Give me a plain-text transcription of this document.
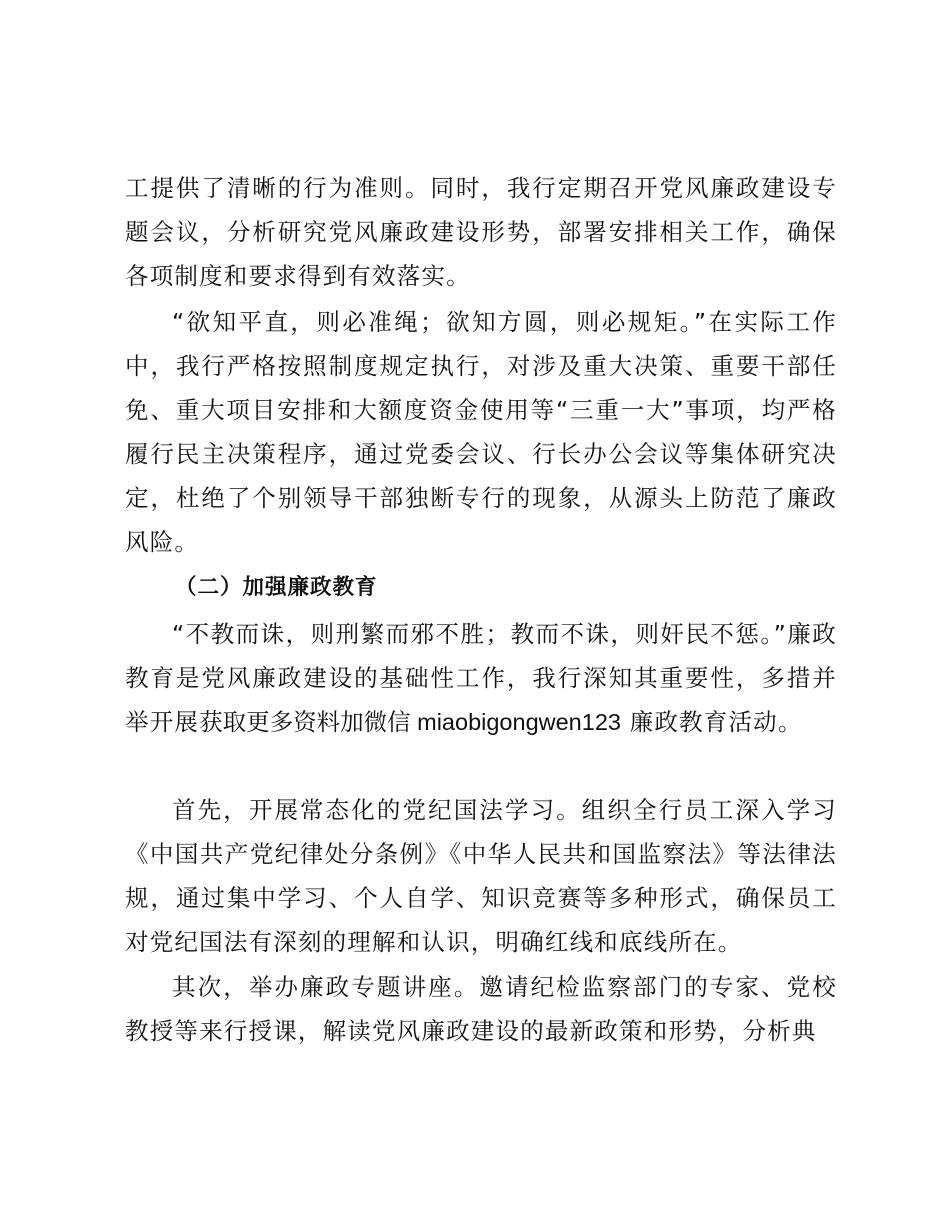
工提供了清晰的行为准则。同时，我行定期召开党风廉政建设专题会议，分析研究党风廉政建设形势，部署安排相关工作，确保各项制度和要求得到有效落实。

“欲知平直，则必准绳；欲知方圆，则必规矩。”在实际工作中，我行严格按照制度规定执行，对涉及重大决策、重要干部任免、重大项目安排和大额度资金使用等“三重一大”事项，均严格履行民主决策程序，通过党委会议、行长办公会议等集体研究决定，杜绝了个别领导干部独断专行的现象，从源头上防范了廉政风险。

（二）加强廉政教育

“不教而诛，则刑繁而邪不胜；教而不诛，则奸民不惩。”廉政教育是党风廉政建设的基础性工作，我行深知其重要性，多措并举开展获取更多资料加微信 miaobigongwen123 廉政教育活动。

首先，开展常态化的党纪国法学习。组织全行员工深入学习《中国共产党纪律处分条例》《中华人民共和国监察法》等法律法规，通过集中学习、个人自学、知识竞赛等多种形式，确保员工对党纪国法有深刻的理解和认识，明确红线和底线所在。

其次，举办廉政专题讲座。邀请纪检监察部门的专家、党校教授等来行授课，解读党风廉政建设的最新政策和形势，分析典
